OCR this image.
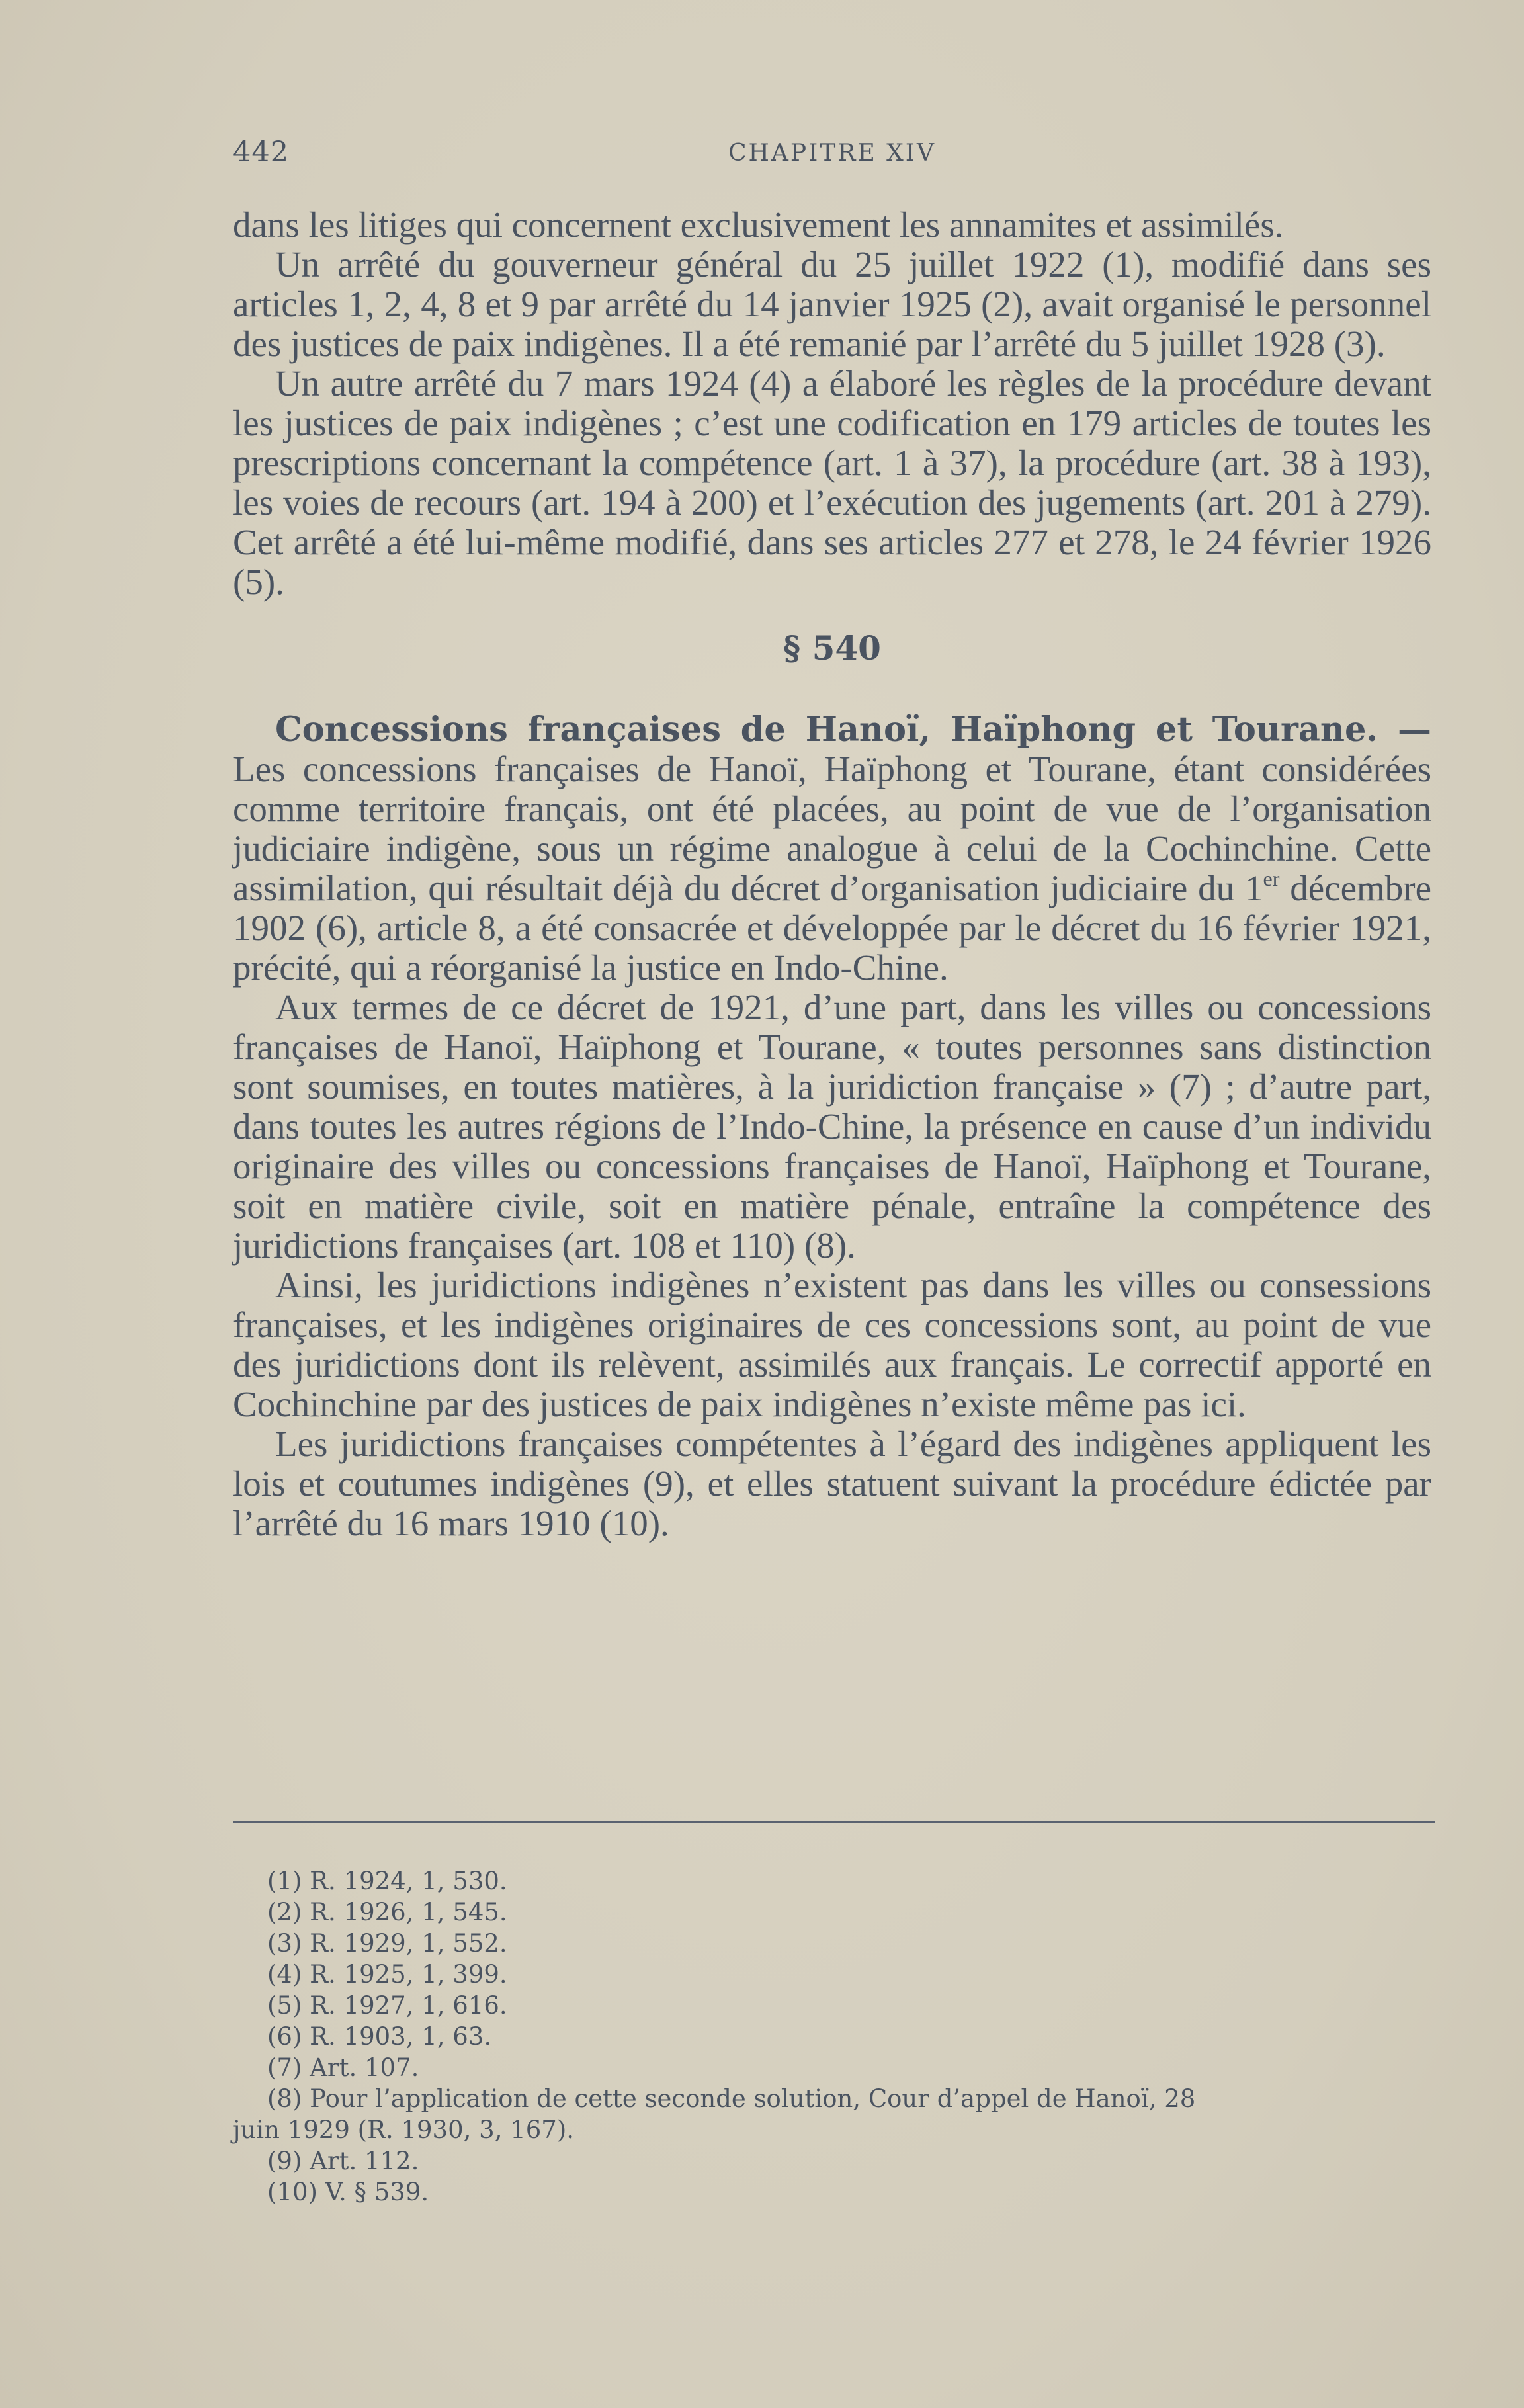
442	CHAPITRE XIV

dans les litiges qui concernent exclusivement les annamites et assimilés.

Un arrêté du gouverneur général du 25 juillet 1922 (1), modifié dans ses articles 1, 2, 4, 8 et 9 par arrêté du 14 janvier 1925 (2), avait organisé le personnel des justices de paix indigènes. Il a été remanié par l’arrêté du 5 juillet 1928 (3).

Un autre arrêté du 7 mars 1924 (4) a élaboré les règles de la procédure devant les justices de paix indigènes ; c’est une codification en 179 articles de toutes les prescriptions concernant la compétence (art. 1 à 37), la procédure (art. 38 à 193), les voies de recours (art. 194 à 200) et l’exécution des jugements (art. 201 à 279). Cet arrêté a été lui-même modifié, dans ses articles 277 et 278, le 24 février 1926 (5).

§ 540

Concessions françaises de Hanoï, Haïphong et Tourane. — Les concessions françaises de Hanoï, Haïphong et Tourane, étant considérées comme territoire français, ont été placées, au point de vue de l’organisation judiciaire indigène, sous un régime analogue à celui de la Cochinchine. Cette assimilation, qui résultait déjà du décret d’organisation judiciaire du 1er décembre 1902 (6), article 8, a été consacrée et développée par le décret du 16 février 1921, précité, qui a réorganisé la justice en Indo-Chine.

Aux termes de ce décret de 1921, d’une part, dans les villes ou concessions françaises de Hanoï, Haïphong et Tourane, « toutes personnes sans distinction sont soumises, en toutes matières, à la juridiction française » (7) ; d’autre part, dans toutes les autres régions de l’Indo-Chine, la présence en cause d’un individu originaire des villes ou concessions françaises de Hanoï, Haïphong et Tourane, soit en matière civile, soit en matière pénale, entraîne la compétence des juridictions françaises (art. 108 et 110) (8).

Ainsi, les juridictions indigènes n’existent pas dans les villes ou consessions françaises, et les indigènes originaires de ces concessions sont, au point de vue des juridictions dont ils relèvent, assimilés aux français. Le correctif apporté en Cochinchine par des justices de paix indigènes n’existe même pas ici.

Les juridictions françaises compétentes à l’égard des indigènes appliquent les lois et coutumes indigènes (9), et elles statuent suivant la procédure édictée par l’arrêté du 16 mars 1910 (10).

(1) R. 1924, 1, 530.
(2) R. 1926, 1, 545.
(3) R. 1929, 1, 552.
(4) R. 1925, 1, 399.
(5) R. 1927, 1, 616.
(6) R. 1903, 1, 63.
(7) Art. 107.
(8) Pour l’application de cette seconde solution, Cour d’appel de Hanoï, 28
juin 1929 (R. 1930, 3, 167).
(9) Art. 112.
(10) V. § 539.
